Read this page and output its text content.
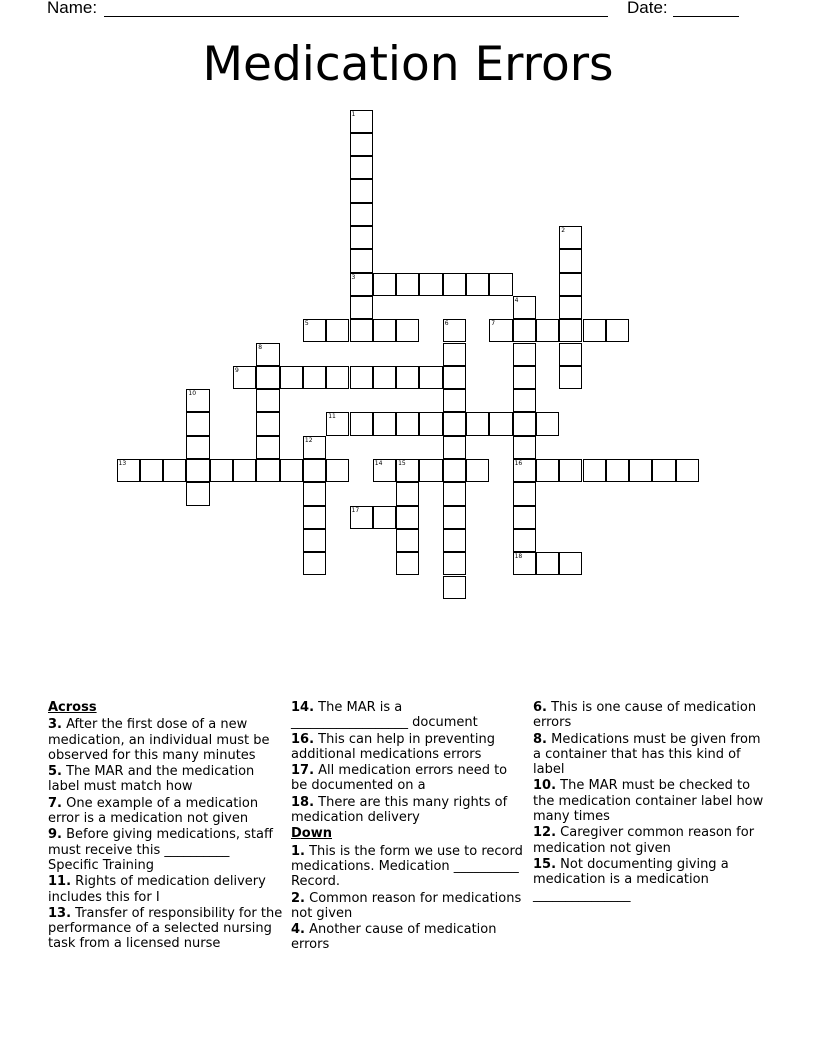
Name:	Date:
Medication Errors
1
3
2
4
16
5	6	7
8
9
10
11
12
13	14	15
17
18
Across
3. After the first dose of a new medication, an individual must be observed for this many minutes
5. The MAR and the medication label must match how
7. One example of a medication error is a medication not given
9. Before giving medications, staff must receive this __________ Specific Training
11. Rights of medication delivery includes this for I
13. Transfer of responsibility for the performance of a selected nursing task from a licensed nurse
14. The MAR is a __________________ document
16. This can help in preventing additional medications errors
17. All medication errors need to be documented on a
18. There are this many rights of medication delivery
Down
1. This is the form we use to record medications. Medication __________ Record.
2. Common reason for medications not given
4. Another cause of medication errors
6. This is one cause of medication errors
8. Medications must be given from a container that has this kind of label
10. The MAR must be checked to the medication container label how many times
12. Caregiver common reason for medication not given
15. Not documenting giving a medication is a medication _______________
